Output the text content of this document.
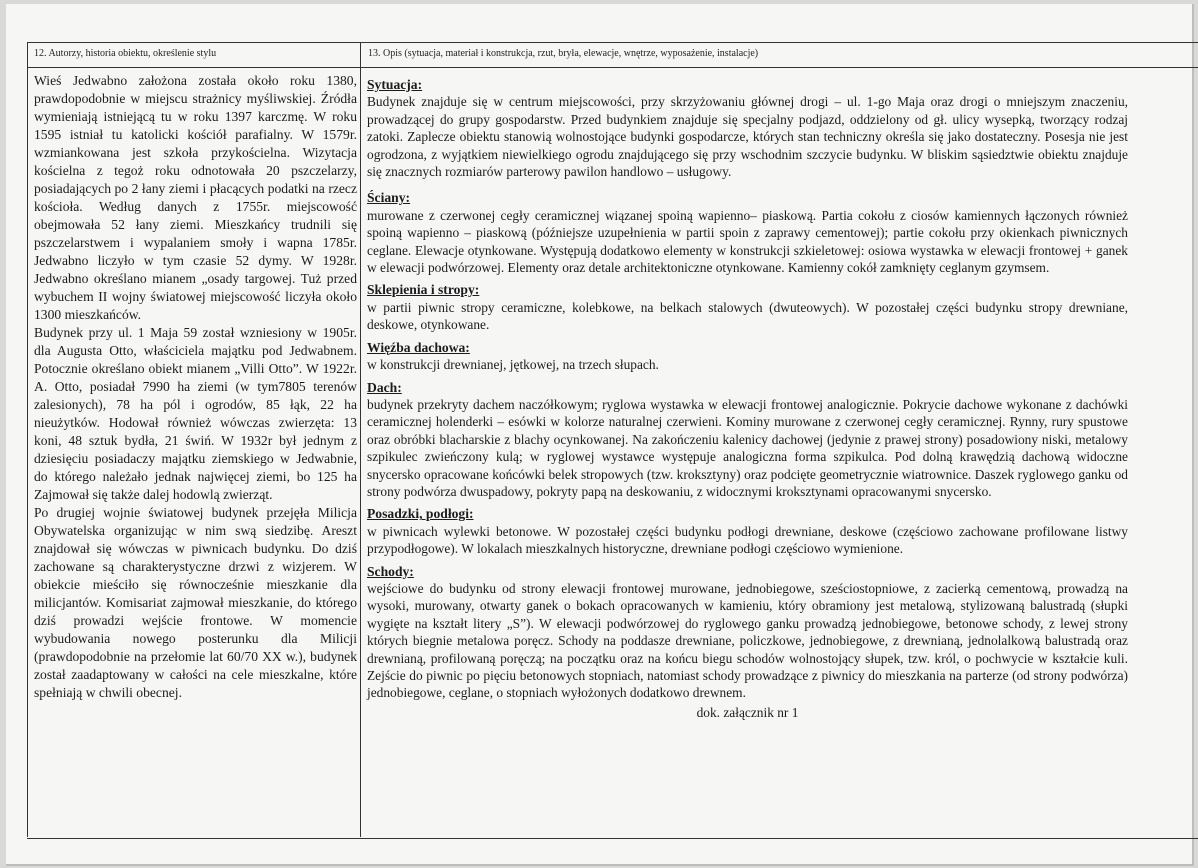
12. Autorzy, historia obiektu, określenie stylu	13. Opis (sytuacja, materiał i konstrukcja, rzut, bryła, elewacje, wnętrze, wyposażenie, instalacje)

Wieś Jedwabno założona została około roku 1380, prawdopodobnie w miejscu strażnicy myśliwskiej. Źródła wymieniają istniejącą tu w roku 1397 karczmę. W roku 1595 istniał tu katolicki kościół parafialny. W 1579r. wzmiankowana jest szkoła przykościelna. Wizytacja kościelna z tegoż roku odnotowała 20 pszczelarzy, posiadających po 2 łany ziemi i płacących podatki na rzecz kościoła. Według danych z 1755r. miejscowość obejmowała 52 łany ziemi. Mieszkańcy trudnili się pszczelarstwem i wypalaniem smoły i wapna 1785r. Jedwabno liczyło w tym czasie 52 dymy. W 1928r. Jedwabno określano mianem „osady targowej. Tuż przed wybuchem II wojny światowej miejscowość liczyła około 1300 mieszkańców.

Budynek przy ul. 1 Maja 59 został wzniesiony w 1905r. dla Augusta Otto, właściciela majątku pod Jedwabnem. Potocznie określano obiekt mianem „Villi Otto”. W 1922r. A. Otto, posiadał 7990 ha ziemi (w tym7805 terenów zalesionych), 78 ha pól i ogrodów, 85 łąk, 22 ha nieużytków. Hodował również wówczas zwierzęta: 13 koni, 48 sztuk bydła, 21 świń. W 1932r był jednym z dziesięciu posiadaczy majątku ziemskiego w Jedwabnie, do którego należało jednak najwięcej ziemi, bo 125 ha Zajmował się także dalej hodowlą zwierząt.

Po drugiej wojnie światowej budynek przejęła Milicja Obywatelska organizując w nim swą siedzibę. Areszt znajdował się wówczas w piwnicach budynku. Do dziś zachowane są charakterystyczne drzwi z wizjerem. W obiekcie mieściło się równocześnie mieszkanie dla milicjantów. Komisariat zajmował mieszkanie, do którego dziś prowadzi wejście frontowe. W momencie wybudowania nowego posterunku dla Milicji (prawdopodobnie na przełomie lat 60/70 XX w.), budynek został zaadaptowany w całości na cele mieszkalne, które spełniają w chwili obecnej.

Sytuacja:

Budynek znajduje się w centrum miejscowości, przy skrzyżowaniu głównej drogi – ul. 1-go Maja oraz drogi o mniejszym znaczeniu, prowadzącej do grupy gospodarstw. Przed budynkiem znajduje się specjalny podjazd, oddzielony od gł. ulicy wysepką, tworzący rodzaj zatoki. Zaplecze obiektu stanowią wolnostojące budynki gospodarcze, których stan techniczny określa się jako dostateczny. Posesja nie jest ogrodzona, z wyjątkiem niewielkiego ogrodu znajdującego się przy wschodnim szczycie budynku. W bliskim sąsiedztwie obiektu znajduje się znacznych rozmiarów parterowy pawilon handlowo – usługowy.

Ściany:

murowane z czerwonej cegły ceramicznej wiązanej spoiną wapienno– piaskową. Partia cokołu z ciosów kamiennych łączonych również spoiną wapienno – piaskową (późniejsze uzupełnienia w partii spoin z zaprawy cementowej); partie cokołu przy okienkach piwnicznych ceglane. Elewacje otynkowane. Występują dodatkowo elementy w konstrukcji szkieletowej: osiowa wystawka w elewacji frontowej + ganek w elewacji podwórzowej. Elementy oraz detale architektoniczne otynkowane. Kamienny cokół zamknięty ceglanym gzymsem.

Sklepienia i stropy:

w partii piwnic stropy ceramiczne, kolebkowe, na belkach stalowych (dwuteowych). W pozostałej części budynku stropy drewniane, deskowe, otynkowane.

Więźba dachowa:

w konstrukcji drewnianej, jętkowej, na trzech słupach.

Dach:

budynek przekryty dachem naczółkowym; ryglowa wystawka w elewacji frontowej analogicznie. Pokrycie dachowe wykonane z dachówki ceramicznej holenderki – esówki w kolorze naturalnej czerwieni. Kominy murowane z czerwonej cegły ceramicznej. Rynny, rury spustowe oraz obróbki blacharskie z blachy ocynkowanej. Na zakończeniu kalenicy dachowej (jedynie z prawej strony) posadowiony niski, metalowy szpikulec zwieńczony kulą; w ryglowej wystawce występuje analogiczna forma szpikulca. Pod dolną krawędzią dachową widoczne snycersko opracowane końcówki belek stropowych (tzw. kroksztyny) oraz podcięte geometrycznie wiatrownice. Daszek ryglowego ganku od strony podwórza dwuspadowy, pokryty papą na deskowaniu, z widocznymi kroksztynami opracowanymi snycersko.

Posadzki, podłogi:

w piwnicach wylewki betonowe. W pozostałej części budynku podłogi drewniane, deskowe (częściowo zachowane profilowane listwy przypodłogowe). W lokalach mieszkalnych historyczne, drewniane podłogi częściowo wymienione.

Schody:

wejściowe do budynku od strony elewacji frontowej murowane, jednobiegowe, sześciostopniowe, z zacierką cementową, prowadzą na wysoki, murowany, otwarty ganek o bokach opracowanych w kamieniu, który obramiony jest metalową, stylizowaną balustradą (słupki wygięte na kształt litery „S”). W elewacji podwórzowej do ryglowego ganku prowadzą jednobiegowe, betonowe schody, z lewej strony których biegnie metalowa poręcz. Schody na poddasze drewniane, policzkowe, jednobiegowe, z drewnianą, jednolalkową balustradą oraz drewnianą, profilowaną poręczą; na początku oraz na końcu biegu schodów wolnostojący słupek, tzw. król, o pochwycie w kształcie kuli. Zejście do piwnic po pięciu betonowych stopniach, natomiast schody prowadzące z piwnicy do mieszkania na parterze (od strony podwórza) jednobiegowe, ceglane, o stopniach wyłożonych dodatkowo drewnem.

dok. załącznik nr 1
